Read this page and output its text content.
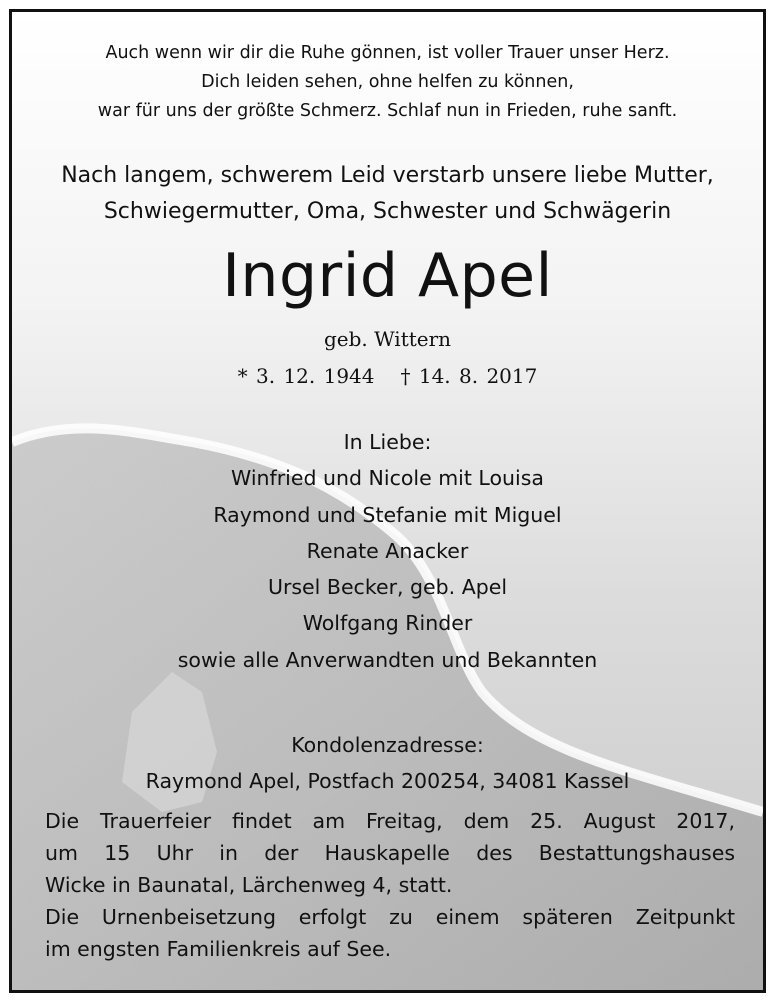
Auch wenn wir dir die Ruhe gönnen, ist voller Trauer unser Herz.
Dich leiden sehen, ohne helfen zu können,
war für uns der größte Schmerz. Schlaf nun in Frieden, ruhe sanft.
Nach langem, schwerem Leid verstarb unsere liebe Mutter,
Schwiegermutter, Oma, Schwester und Schwägerin
Ingrid Apel
geb. Wittern
* 3. 12. 1944 † 14. 8. 2017
In Liebe:
Winfried und Nicole mit Louisa
Raymond und Stefanie mit Miguel
Renate Anacker
Ursel Becker, geb. Apel
Wolfgang Rinder
sowie alle Anverwandten und Bekannten
Kondolenzadresse:
Raymond Apel, Postfach 200254, 34081 Kassel
Die Trauerfeier findet am Freitag, dem 25. August 2017,
um 15 Uhr in der Hauskapelle des Bestattungshauses
Wicke in Baunatal, Lärchenweg 4, statt.
Die Urnenbeisetzung erfolgt zu einem späteren Zeitpunkt
im engsten Familienkreis auf See.
